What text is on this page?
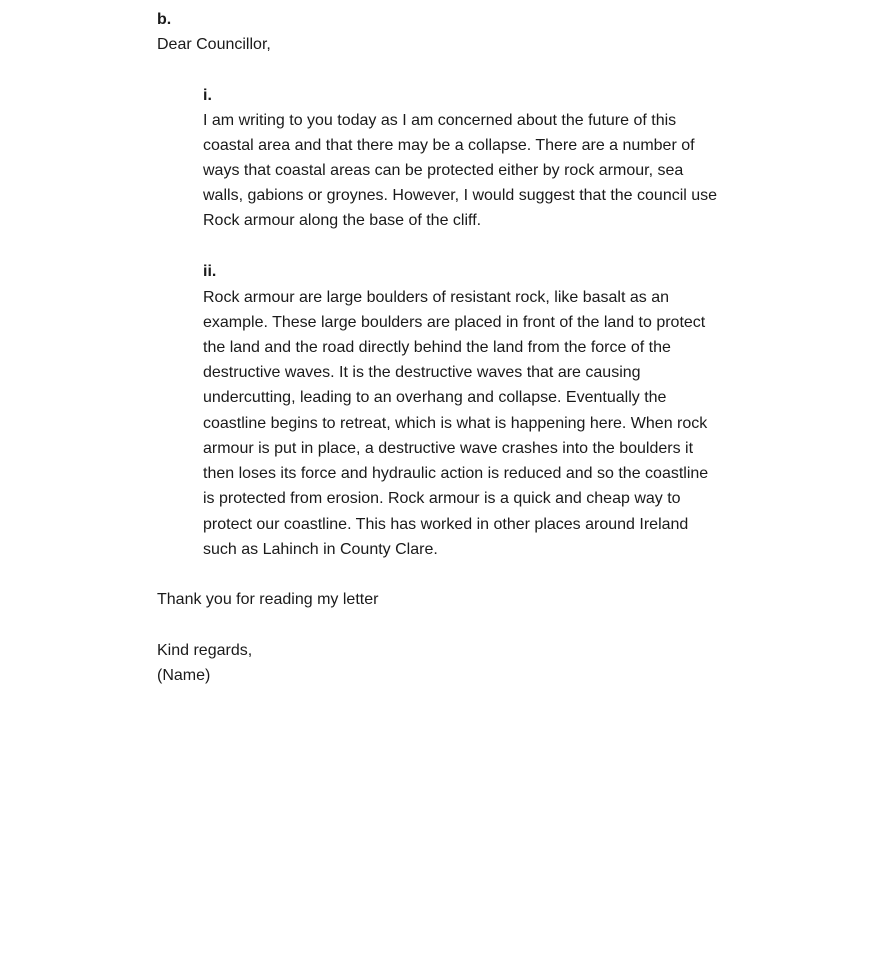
b.
Dear Councillor,
i.
I am writing to you today as I am concerned about the future of this
coastal area and that there may be a collapse. There are a number of
ways that coastal areas can be protected either by rock armour, sea
walls, gabions or groynes. However, I would suggest that the council use
Rock armour along the base of the cliff.
ii.
Rock armour are large boulders of resistant rock, like basalt as an
example. These large boulders are placed in front of the land to protect
the land and the road directly behind the land from the force of the
destructive waves. It is the destructive waves that are causing
undercutting, leading to an overhang and collapse. Eventually the
coastline begins to retreat, which is what is happening here. When rock
armour is put in place, a destructive wave crashes into the boulders it
then loses its force and hydraulic action is reduced and so the coastline
is protected from erosion. Rock armour is a quick and cheap way to
protect our coastline. This has worked in other places around Ireland
such as Lahinch in County Clare.
Thank you for reading my letter
Kind regards,
(Name)
